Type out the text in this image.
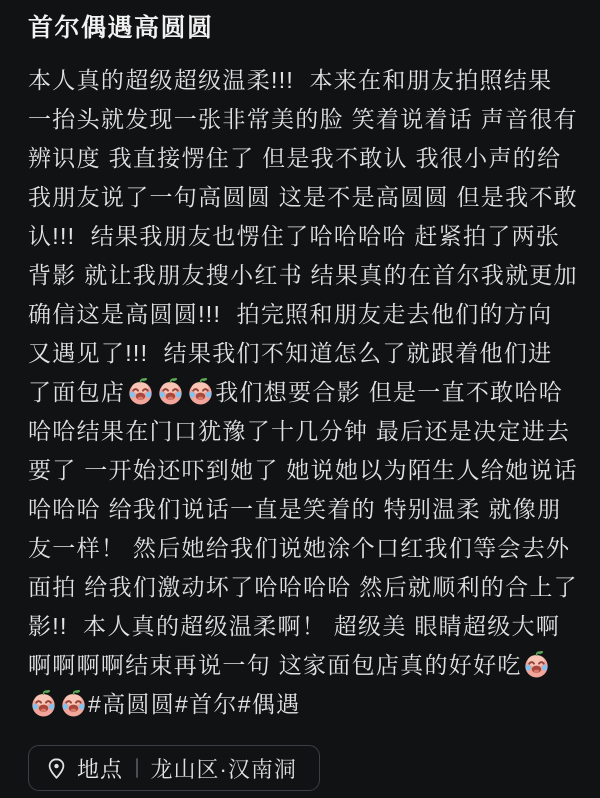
首尔偶遇高圆圆
本人真的超级超级温柔!!!  本来在和朋友拍照结果
一抬头就发现一张非常美的脸 笑着说着话 声音很有
辨识度 我直接愣住了 但是我不敢认 我很小声的给
我朋友说了一句高圆圆 这是不是高圆圆 但是我不敢
认!!!  结果我朋友也愣住了哈哈哈哈 赶紧拍了两张
背影 就让我朋友搜小红书 结果真的在首尔我就更加
确信这是高圆圆!!!  拍完照和朋友走去他们的方向
又遇见了!!!  结果我们不知道怎么了就跟着他们进
了面包店	我们想要合影 但是一直不敢哈哈
哈哈结果在门口犹豫了十几分钟 最后还是决定进去
要了 一开始还吓到她了 她说她以为陌生人给她说话
哈哈哈 给我们说话一直是笑着的 特别温柔 就像朋
友一样！ 然后她给我们说她涂个口红我们等会去外
面拍 给我们激动坏了哈哈哈哈 然后就顺利的合上了
影!!  本人真的超级温柔啊！ 超级美 眼睛超级大啊
啊啊啊啊结束再说一句 这家面包店真的好好吃
#高圆圆#首尔#偶遇
地点 龙山区·汉南洞
